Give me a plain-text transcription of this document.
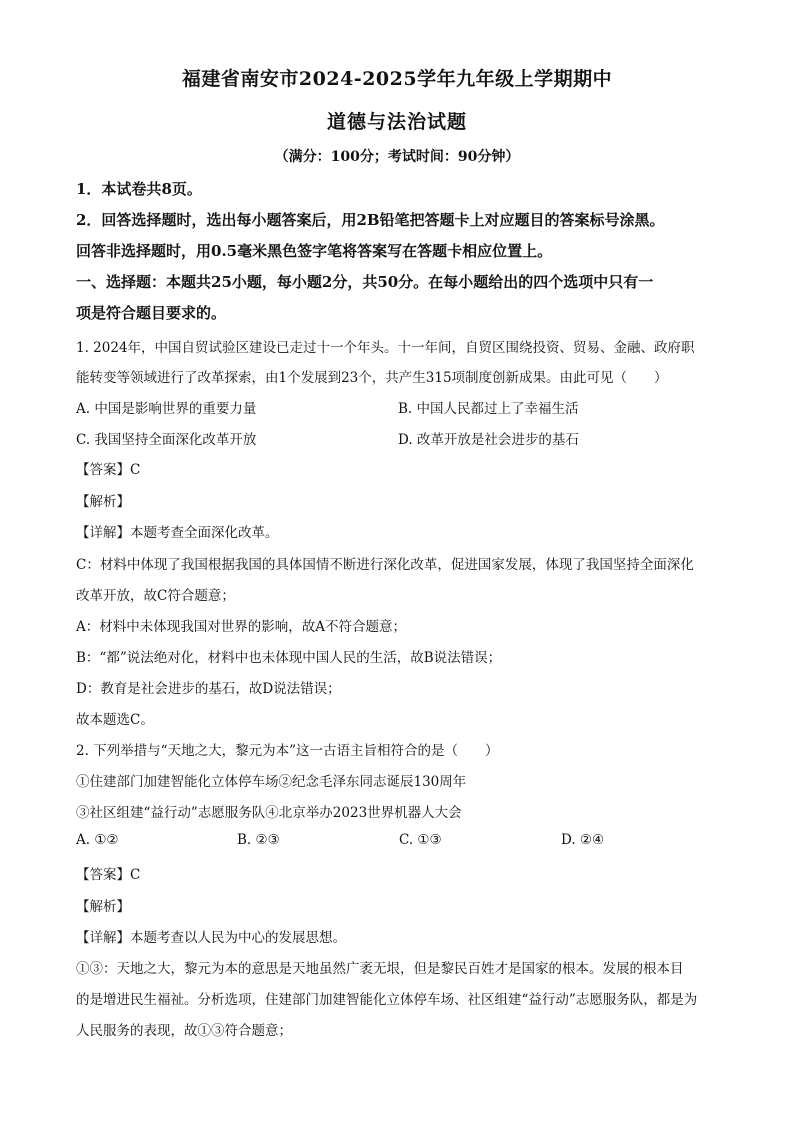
福建省南安市2024-2025学年九年级上学期期中
道德与法治试题
（满分：100分；考试时间：90分钟）
1．本试卷共8页。
2．回答选择题时，选出每小题答案后，用2B铅笔把答题卡上对应题目的答案标号涂黑。
回答非选择题时，用0.5毫米黑色签字笔将答案写在答题卡相应位置上。
一、选择题：本题共25小题，每小题2分，共50分。在每小题给出的四个选项中只有一
项是符合题目要求的。
1. 2024年，中国自贸试验区建设已走过十一个年头。十一年间，自贸区围绕投资、贸易、金融、政府职
能转变等领域进行了改革探索，由1个发展到23个，共产生315项制度创新成果。由此可见（　　）
A. 中国是影响世界的重要力量	B. 中国人民都过上了幸福生活
C. 我国坚持全面深化改革开放	D. 改革开放是社会进步的基石
【答案】C
【解析】
【详解】本题考查全面深化改革。
C：材料中体现了我国根据我国的具体国情不断进行深化改革，促进国家发展，体现了我国坚持全面深化
改革开放，故C符合题意；
A：材料中未体现我国对世界的影响，故A不符合题意；
B：“都”说法绝对化，材料中也未体现中国人民的生活，故B说法错误；
D：教育是社会进步的基石，故D说法错误；
故本题选C。
2. 下列举措与“天地之大，黎元为本”这一古语主旨相符合的是（　　）
①住建部门加建智能化立体停车场②纪念毛泽东同志诞辰130周年
③社区组建“益行动”志愿服务队④北京举办2023世界机器人大会
A. ①②	B. ②③	C. ①③	D. ②④
【答案】C
【解析】
【详解】本题考查以人民为中心的发展思想。
①③：天地之大，黎元为本的意思是天地虽然广袤无垠，但是黎民百姓才是国家的根本。发展的根本目
的是增进民生福祉。分析选项，住建部门加建智能化立体停车场、社区组建“益行动”志愿服务队，都是为
人民服务的表现，故①③符合题意；
